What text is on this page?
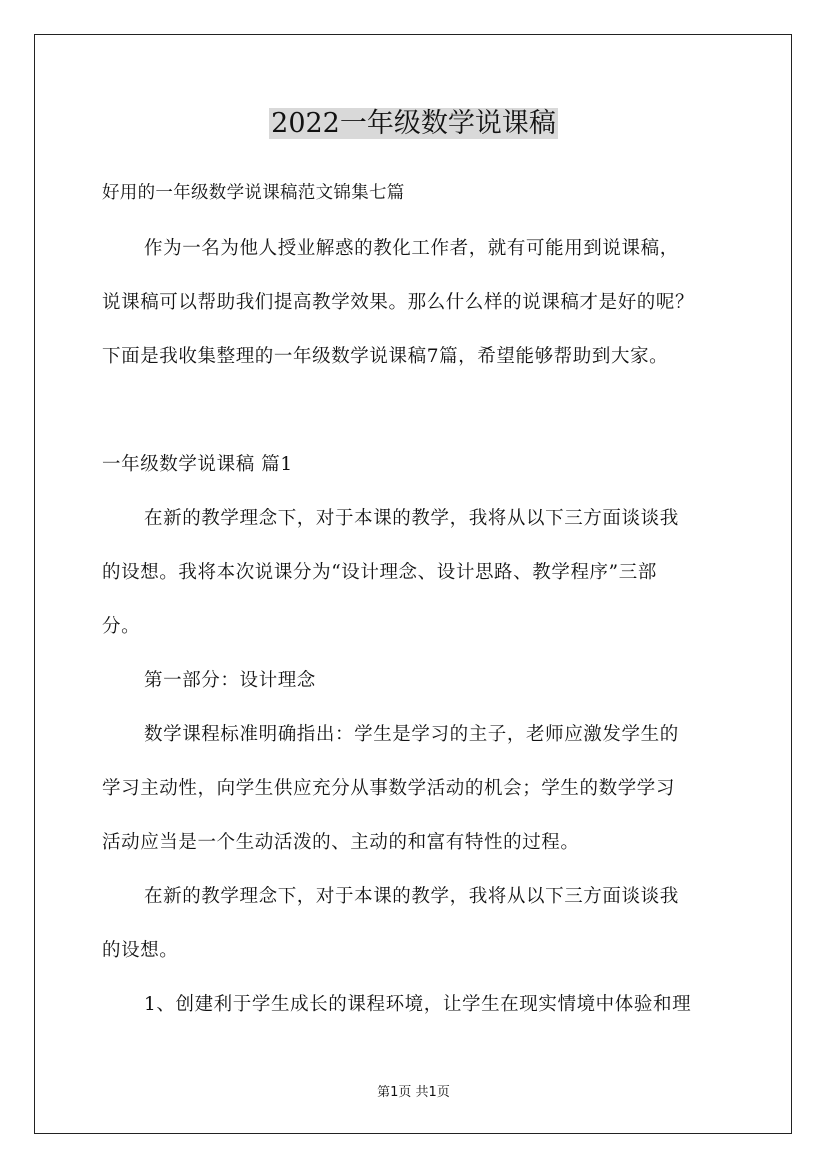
2022一年级数学说课稿
好用的一年级数学说课稿范文锦集七篇
作为一名为他人授业解惑的教化工作者，就有可能用到说课稿，
说课稿可以帮助我们提高教学效果。那么什么样的说课稿才是好的呢？
下面是我收集整理的一年级数学说课稿7篇，希望能够帮助到大家。
一年级数学说课稿 篇1
在新的教学理念下，对于本课的教学，我将从以下三方面谈谈我
的设想。我将本次说课分为“设计理念、设计思路、教学程序”三部
分。
第一部分：设计理念
数学课程标准明确指出：学生是学习的主子，老师应激发学生的
学习主动性，向学生供应充分从事数学活动的机会；学生的数学学习
活动应当是一个生动活泼的、主动的和富有特性的过程。
在新的教学理念下，对于本课的教学，我将从以下三方面谈谈我
的设想。
1、创建利于学生成长的课程环境，让学生在现实情境中体验和理
第1页 共1页
